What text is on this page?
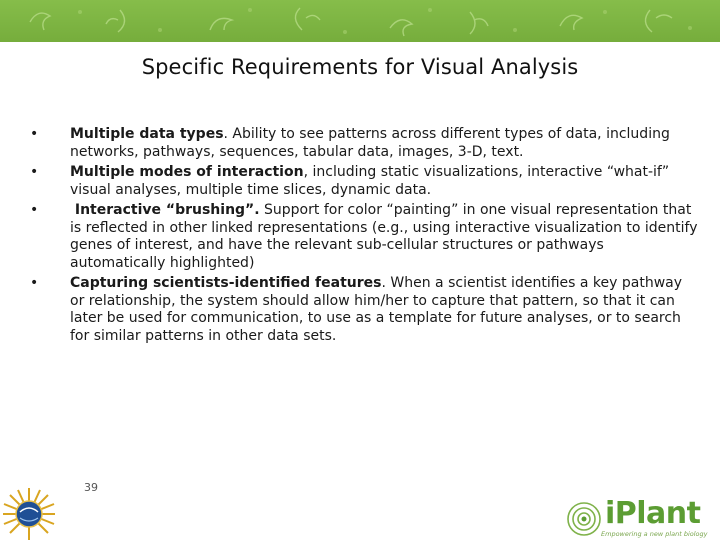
Specific Requirements for Visual Analysis
• Multiple data types. Ability to see patterns across different types of data, including networks, pathways, sequences, tabular data, images, 3-D, text.
• Multiple modes of interaction, including static visualizations, interactive “what-if” visual analyses, multiple time slices, dynamic data.
• Interactive “brushing”. Support for color “painting” in one visual representation that is reflected in other linked representations (e.g., using interactive visualization to identify genes of interest, and have the relevant sub-cellular structures or pathways automatically highlighted)
• Capturing scientists-identified features. When a scientist identifies a key pathway or relationship, the system should allow him/her to capture that pattern, so that it can later be used for communication, to use as a template for future analyses, or to search for similar patterns in other data sets.
39
iPlant
Empowering a new plant biology
